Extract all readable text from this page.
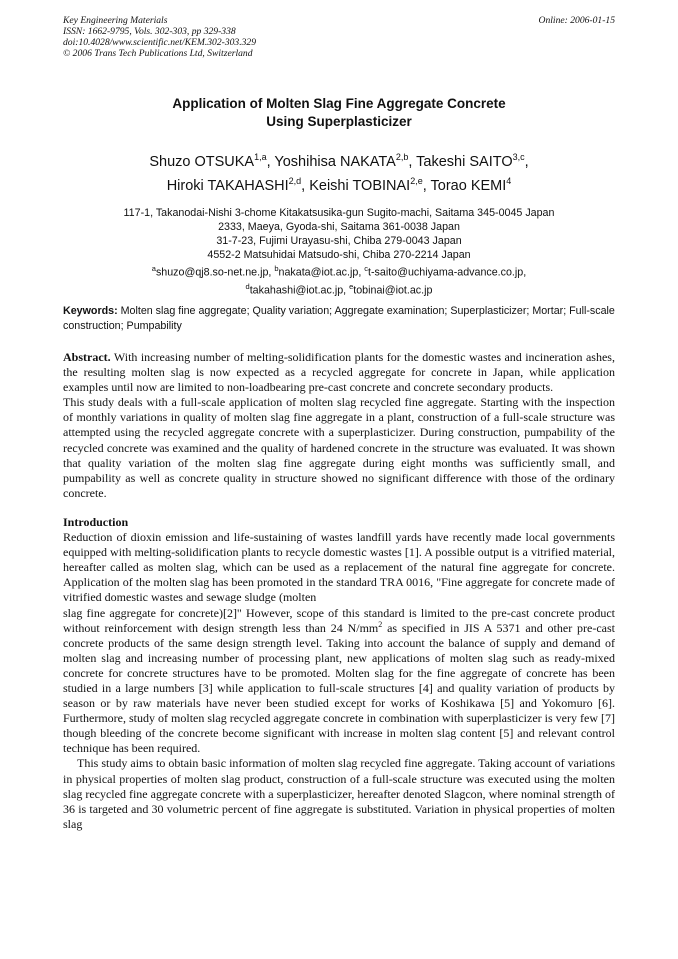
Key Engineering Materials
ISSN: 1662-9795, Vols. 302-303, pp 329-338
doi:10.4028/www.scientific.net/KEM.302-303.329
© 2006 Trans Tech Publications Ltd, Switzerland
Online: 2006-01-15
Application of Molten Slag Fine Aggregate Concrete
Using Superplasticizer
Shuzo OTSUKA$^{1,a}$, Yoshihisa NAKATA$^{2,b}$, Takeshi SAITO$^{3,c}$,
Hiroki TAKAHASHI$^{2,d}$, Keishi TOBINAI$^{2,e}$, Torao KEMI$^4$
117-1, Takanodai-Nishi 3-chome Kitakatsusika-gun Sugito-machi, Saitama 345-0045 Japan
2333, Maeya, Gyoda-shi, Saitama 361-0038 Japan
31-7-23, Fujimi Urayasu-shi, Chiba 279-0043 Japan
4552-2 Matsuhidai Matsudo-shi, Chiba 270-2214 Japan
$^a$shuzo@qj8.so-net.ne.jp, $^b$nakata@iot.ac.jp, $^c$t-saito@uchiyama-advance.co.jp,
$^d$takahashi@iot.ac.jp, $^e$tobinai@iot.ac.jp
Keywords: Molten slag fine aggregate; Quality variation; Aggregate examination; Superplasticizer; Mortar; Full-scale construction; Pumpability

Abstract. With increasing number of melting-solidification plants for the domestic wastes and incineration ashes, the resulting molten slag is now expected as a recycled aggregate for concrete in Japan, while application examples until now are limited to non-loadbearing pre-cast concrete and concrete secondary products.

This study deals with a full-scale application of molten slag recycled fine aggregate. Starting with the inspection of monthly variations in quality of molten slag fine aggregate in a plant, construction of a full-scale structure was attempted using the recycled aggregate concrete with a superplasticizer. During construction, pumpability of the recycled concrete was examined and the quality of hardened concrete in the structure was evaluated. It was shown that quality variation of the molten slag fine aggregate during eight months was sufficiently small, and pumpability as well as concrete quality in structure showed no significant difference with those of the ordinary concrete.

Introduction

Reduction of dioxin emission and life-sustaining of wastes landfill yards have recently made local governments equipped with melting-solidification plants to recycle domestic wastes [1]. A possible output is a vitrified material, hereafter called as molten slag, which can be used as a replacement of the natural fine aggregate for concrete. Application of the molten slag has been promoted in the standard TRA 0016, "Fine aggregate for concrete made of vitrified domestic wastes and sewage sludge (molten

slag fine aggregate for concrete)[2]" However, scope of this standard is limited to the pre-cast concrete product without reinforcement with design strength less than 24 $N/mm^2$ as specified in JIS A 5371 and other pre-cast concrete products of the same design strength level. Taking into account the balance of supply and demand of molten slag and increasing number of processing plant, new applications of molten slag such as ready-mixed concrete for concrete structures have to be promoted. Molten slag for the fine aggregate of concrete has been studied in a large numbers [3] while application to full-scale structures [4] and quality variation of products by season or by raw materials have never been studied except for works of Koshikawa [5] and Yokomuro [6]. Furthermore, study of molten slag recycled aggregate concrete in combination with superplasticizer is very few [7] though bleeding of the concrete become significant with increase in molten slag content [5] and relevant control technique has been required.

This study aims to obtain basic information of molten slag recycled fine aggregate. Taking account of variations in physical properties of molten slag product, construction of a full-scale structure was executed using the molten slag recycled fine aggregate concrete with a superplasticizer, hereafter denoted Slagcon, where nominal strength of 36 is targeted and 30 volumetric percent of fine aggregate is substituted. Variation in physical properties of molten slag
